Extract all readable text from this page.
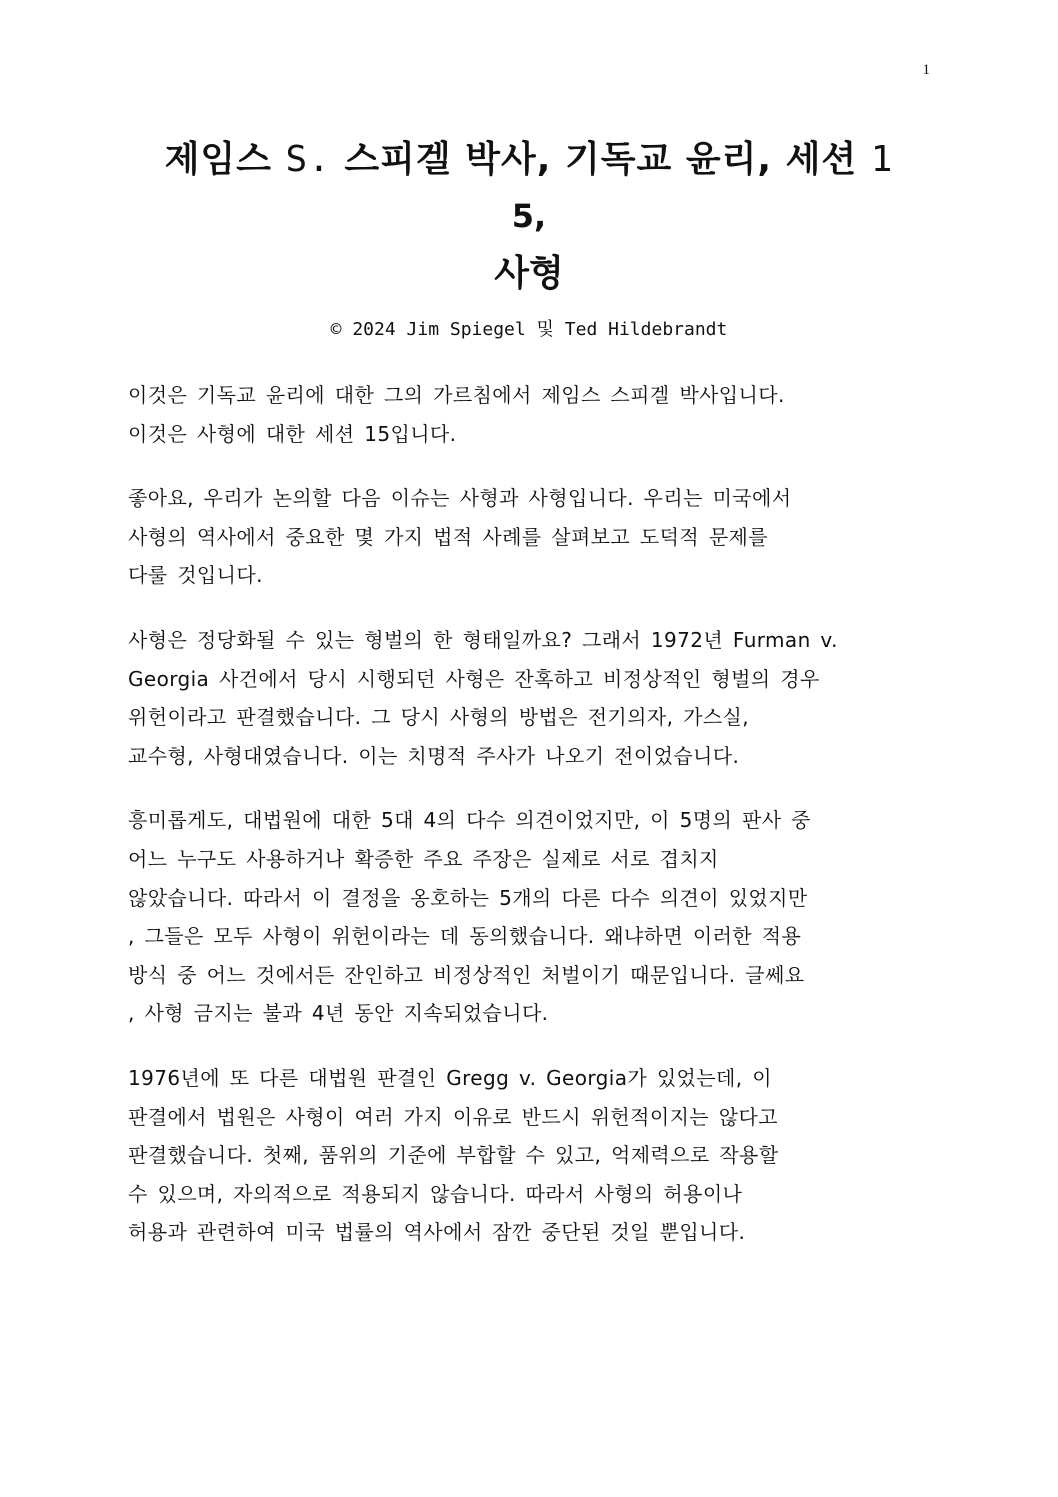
1
제임스 S. 스피겔 박사, 기독교 윤리, 세션 1
5,
사형
© 2024 Jim Spiegel 및 Ted Hildebrandt

이것은 기독교 윤리에 대한 그의 가르침에서 제임스 스피겔 박사입니다.
이것은 사형에 대한 세션 15입니다.

좋아요, 우리가 논의할 다음 이슈는 사형과 사형입니다. 우리는 미국에서
사형의 역사에서 중요한 몇 가지 법적 사례를 살펴보고 도덕적 문제를
다룰 것입니다.

사형은 정당화될 수 있는 형벌의 한 형태일까요? 그래서 1972년 Furman v.
Georgia 사건에서 당시 시행되던 사형은 잔혹하고 비정상적인 형벌의 경우
위헌이라고 판결했습니다. 그 당시 사형의 방법은 전기의자, 가스실,
교수형, 사형대였습니다. 이는 치명적 주사가 나오기 전이었습니다.

흥미롭게도, 대법원에 대한 5대 4의 다수 의견이었지만, 이 5명의 판사 중
어느 누구도 사용하거나 확증한 주요 주장은 실제로 서로 겹치지
않았습니다. 따라서 이 결정을 옹호하는 5개의 다른 다수 의견이 있었지만
, 그들은 모두 사형이 위헌이라는 데 동의했습니다. 왜냐하면 이러한 적용
방식 중 어느 것에서든 잔인하고 비정상적인 처벌이기 때문입니다. 글쎄요
, 사형 금지는 불과 4년 동안 지속되었습니다.

1976년에 또 다른 대법원 판결인 Gregg v. Georgia가 있었는데, 이
판결에서 법원은 사형이 여러 가지 이유로 반드시 위헌적이지는 않다고
판결했습니다. 첫째, 품위의 기준에 부합할 수 있고, 억제력으로 작용할
수 있으며, 자의적으로 적용되지 않습니다. 따라서 사형의 허용이나
허용과 관련하여 미국 법률의 역사에서 잠깐 중단된 것일 뿐입니다.
